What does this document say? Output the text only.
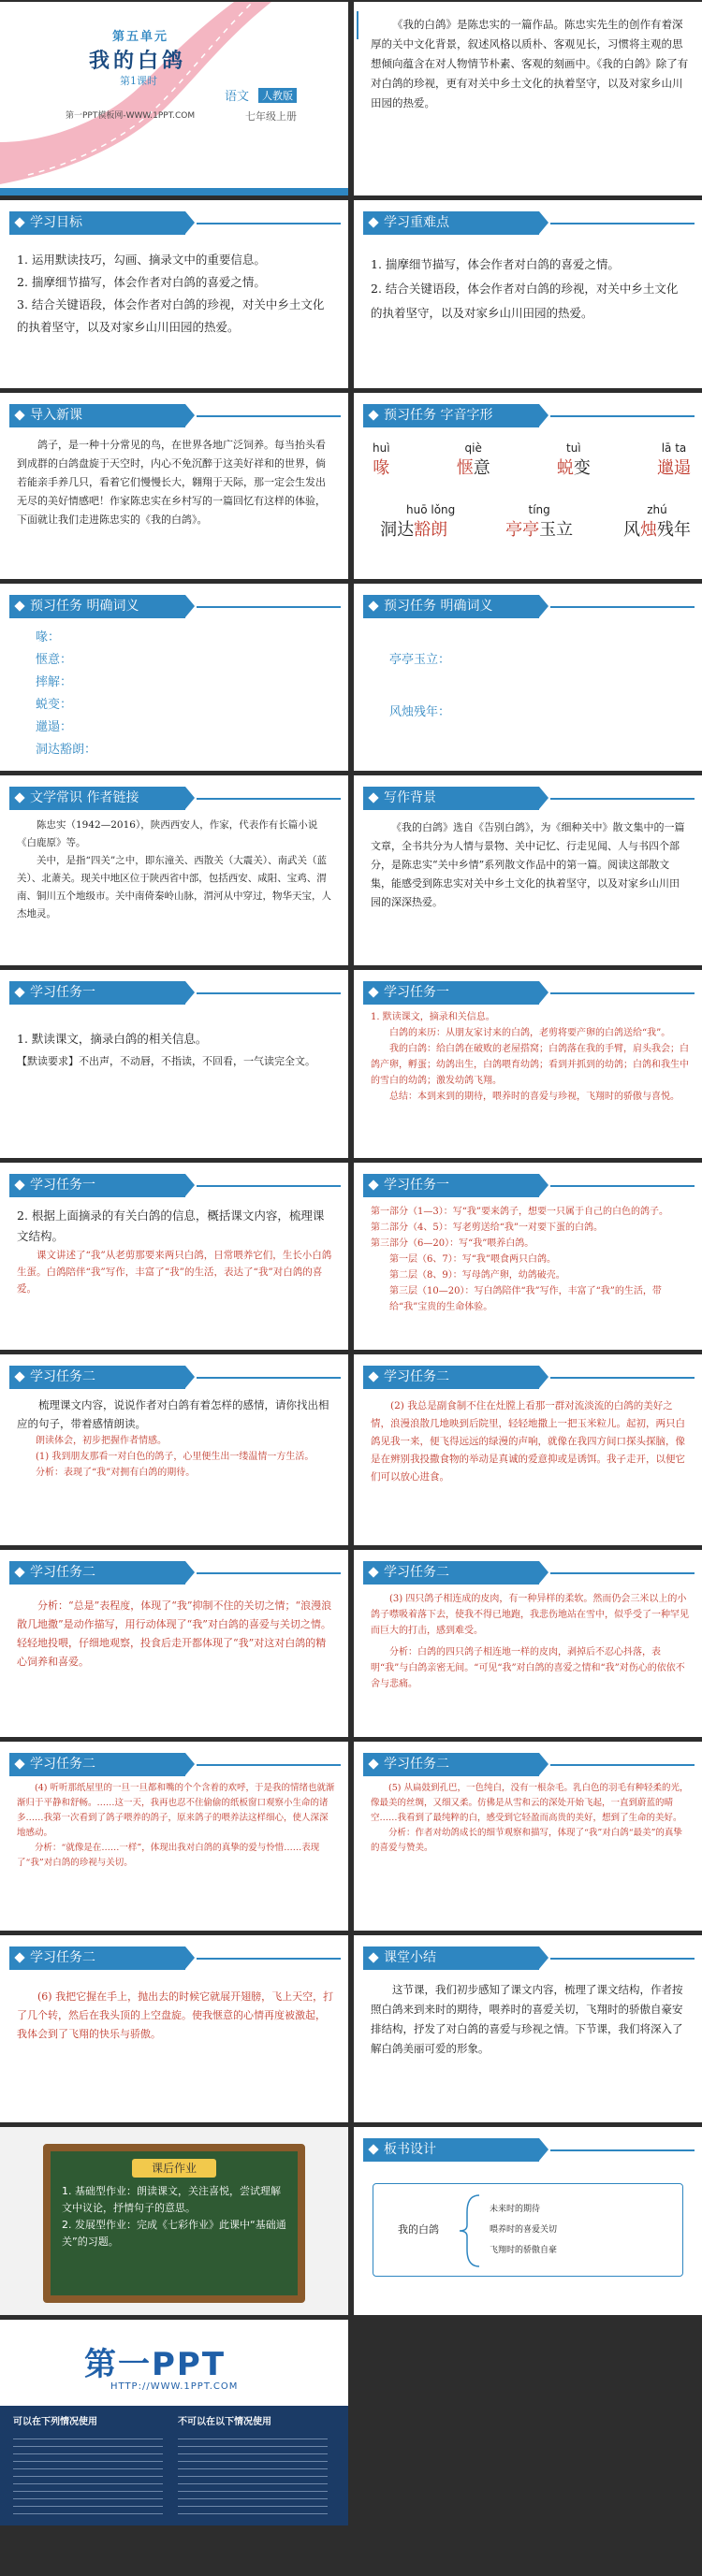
第五单元
我的白鸽
第1课时
第一PPT模板网-WWW.1PPT.COM
语文	人教版
七年级上册
《我的白鸽》是陈忠实的一篇作品。陈忠实先生的创作有着深厚的关中文化背景，叙述风格以质朴、客观见长，习惯将主观的思想倾向蕴含在对人物情节朴素、客观的刻画中。《我的白鸽》除了有对白鸽的珍视，更有对关中乡土文化的执着坚守，以及对家乡山川田园的热爱。
学习目标
1. 运用默读技巧，勾画、摘录文中的重要信息。
2. 揣摩细节描写，体会作者对白鸽的喜爱之情。
3. 结合关键语段，体会作者对白鸽的珍视，对关中乡土文化的执着坚守，以及对家乡山川田园的热爱。
学习重难点
1. 揣摩细节描写，体会作者对白鸽的喜爱之情。
2. 结合关键语段，体会作者对白鸽的珍视，对关中乡土文化的执着坚守，以及对家乡山川田园的热爱。
导入新课
鸽子，是一种十分常见的鸟，在世界各地广泛饲养。每当抬头看到成群的白鸽盘旋于天空时，内心不免沉醉于这美好祥和的世界，倘若能亲手养几只，看着它们慢慢长大，翱翔于天际，那一定会生发出无尽的美好情感吧！作家陈忠实在乡村写的一篇回忆有这样的体验，下面就让我们走进陈忠实的《我的白鸽》。
预习任务 字音字形
huì
喙
qiè
惬意
tuì
蜕变
lā ta
邋遢
huō lǒng
洞达豁朗
tíng
亭亭玉立
zhú
风烛残年
预习任务 明确词义
喙：
惬意：
摔解：
蜕变：
邋遢：
洞达豁朗：
预习任务 明确词义
亭亭玉立：
风烛残年：
文学常识 作者链接
陈忠实（1942—2016），陕西西安人，作家，代表作有长篇小说《白鹿原》等。
关中，是指“四关”之中，即东潼关、西散关（大震关）、南武关（蓝关）、北萧关。现关中地区位于陕西省中部，包括西安、咸阳、宝鸡、渭南、铜川五个地级市。关中南倚秦岭山脉，渭河从中穿过，物华天宝，人杰地灵。
写作背景
《我的白鸽》选自《告别白鸽》，为《细种关中》散文集中的一篇文章，全书共分为人情与景物、关中记忆、行走见闻、人与书四个部分，是陈忠实“关中乡情”系列散文作品中的第一篇。阅读这部散文集，能感受到陈忠实对关中乡土文化的执着坚守，以及对家乡山川田园的深深热爱。
学习任务一
1. 默读课文，摘录白鸽的相关信息。
【默读要求】不出声，不动唇，不指读，不回看，一气读完全文。
学习任务一
1. 默读课文，摘录和关信息。
白鸽的来历：从朋友家讨来的白鸽，老剪将要产卵的白鸽送给“我”。
我的白鸽：给白鸽在破败的老屋搭窝；白鸽落在我的手臂，肩头我会；白鸽产卵，孵蛋；幼鸽出生，白鸽喂育幼鸽；看到并抓到的幼鸽；白鸽和我生中的雪白的幼鸽；激发幼鸽飞翔。
总结：本到来到的期待，喂养时的喜爱与珍视，飞翔时的骄傲与喜悦。
学习任务一
2. 根据上面摘录的有关白鸽的信息，概括课文内容，梳理课文结构。
课文讲述了“我”从老剪那要来两只白鸽，日常喂养它们，生长小白鸽生蛋。白鸽陪伴“我”写作，丰富了“我”的生活，表达了“我”对白鸽的喜爱。
学习任务一
第一部分（1—3）：写“我”要来鸽子，想要一只属于自己的白色的鸽子。
第二部分（4、5）：写老剪送给“我”一对要下蛋的白鸽。
第三部分（6—20）：写“我”喂养白鸽。
第一层（6、7）：写“我”喂食两只白鸽。
第二层（8、9）：写母鸽产卵，幼鸽破壳。
第三层（10—20）：写白鸽陪伴“我”写作，丰富了“我”的生活，带给“我”宝贵的生命体验。
学习任务二
梳理课文内容，说说作者对白鸽有着怎样的感情，请你找出相应的句子，带着感情朗读。
朗读体会，初步把握作者情感。
(1) 我到朋友那看一对白色的鸽子，心里便生出一缕温情一方生活。
分析：表现了“我”对拥有白鸽的期待。
学习任务二
(2) 我总是副食制不住在灶膛上看那一群对流淡流的白鸽的美好之情，浪漫浪散几地映到后院里，轻轻地撒上一把玉米粒儿。起初，两只白鸽见我一来，便飞得远远的绿漫的声响，就像在我四方间口探头探脑，像是在辨别我投撒食物的举动是真诚的爱意抑或是诱饵。我子走开，以便它们可以放心进食。
学习任务二
分析：“总是”表程度，体现了“我”抑制不住的关切之情；“浪漫浪散几地撒”是动作描写，用行动体现了“我”对白鸽的喜爱与关切之情。轻轻地投喂，仔细地观察，投食后走开都体现了“我”对这对白鸽的精心饲养和喜爱。
学习任务二
(3) 四只鸽子相连成的皮肉，有一种异样的柔软。然而仍会三米以上的小鸽子噤吸着落下去，使我不得已地跑，我悲伤地站在雪中，似乎受了一种罕见而巨大的打击，感到难受。
分析：白鸽的四只鸽子相连地一样的皮肉，剥掉后不忍心抖落，表明“我”与白鸽亲密无间。“可见“我”对白鸽的喜爱之情和“我”对伤心的依依不舍与悲痛。
学习任务二
(4) 听听那纸屋里的一旦一旦都和嘴的个个含着的欢呼，于是我的情绪也就渐渐归于平静和舒畅。……这一天，我再也忍不住偷偷的纸板窗口观察小生命的诸多……我第一次看到了鸽子喂养的鸽子，原来鸽子的喂养法这样细心，使人深深地感动。
分析：“就像是在……一样”，体现出我对白鸽的真挚的爱与怜惜……表现了“我”对白鸽的珍视与关切。
学习任务二
(5) 从扁鼓到孔巴，一色纯白，没有一根杂毛。乳白色的羽毛有种轻柔的光，像最美的丝绸，又细又柔。仿佛是从雪和云的深处开始飞起，一直到蔚蓝的晴空……我看到了最纯粹的白，感受到它轻盈而高贵的美好，想到了生命的美好。
分析：作者对幼鸽成长的细节观察和描写，体现了“我”对白鸽“最美”的真挚的喜爱与赞美。
学习任务二
(6) 我把它握在手上，抛出去的时候它就展开翅膀，飞上天空，打了几个转，然后在我头顶的上空盘旋。使我惬意的心情再度被激起，我体会到了飞翔的快乐与骄傲。
课堂小结
这节课，我们初步感知了课文内容，梳理了课文结构，作者按照白鸽来到来时的期待，喂养时的喜爱关切，飞翔时的骄傲自豪安排结构，抒发了对白鸽的喜爱与珍视之情。下节课，我们将深入了解白鸽美丽可爱的形象。
课后作业
1. 基础型作业：朗读课文，关注喜悦，尝试理解文中议论，抒情句子的意思。
2. 发展型作业：完成《七彩作业》此课中“基础通关”的习题。
板书设计
我的白鸽
未来时的期待
喂养时的喜爱关切
飞翔时的骄傲自豪
第一PPT
HTTP://WWW.1PPT.COM
可以在下列情况使用	不可以在以下情况使用
